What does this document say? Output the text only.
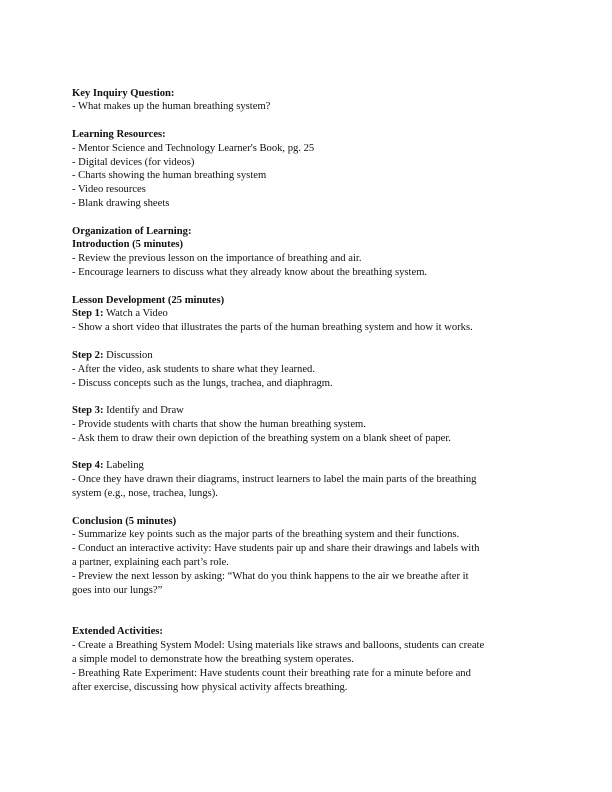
Key Inquiry Question:
- What makes up the human breathing system?
Learning Resources:
- Mentor Science and Technology Learner's Book, pg. 25
- Digital devices (for videos)
- Charts showing the human breathing system
- Video resources
- Blank drawing sheets
Organization of Learning:
Introduction (5 minutes)
- Review the previous lesson on the importance of breathing and air.
- Encourage learners to discuss what they already know about the breathing system.
Lesson Development (25 minutes)
Step 1: Watch a Video
- Show a short video that illustrates the parts of the human breathing system and how it works.
Step 2: Discussion
- After the video, ask students to share what they learned.
- Discuss concepts such as the lungs, trachea, and diaphragm.
Step 3: Identify and Draw
- Provide students with charts that show the human breathing system.
- Ask them to draw their own depiction of the breathing system on a blank sheet of paper.
Step 4: Labeling
- Once they have drawn their diagrams, instruct learners to label the main parts of the breathing
system (e.g., nose, trachea, lungs).
Conclusion (5 minutes)
- Summarize key points such as the major parts of the breathing system and their functions.
- Conduct an interactive activity: Have students pair up and share their drawings and labels with
a partner, explaining each part’s role.
- Preview the next lesson by asking: “What do you think happens to the air we breathe after it
goes into our lungs?”
Extended Activities:
- Create a Breathing System Model: Using materials like straws and balloons, students can create
a simple model to demonstrate how the breathing system operates.
- Breathing Rate Experiment: Have students count their breathing rate for a minute before and
after exercise, discussing how physical activity affects breathing.
